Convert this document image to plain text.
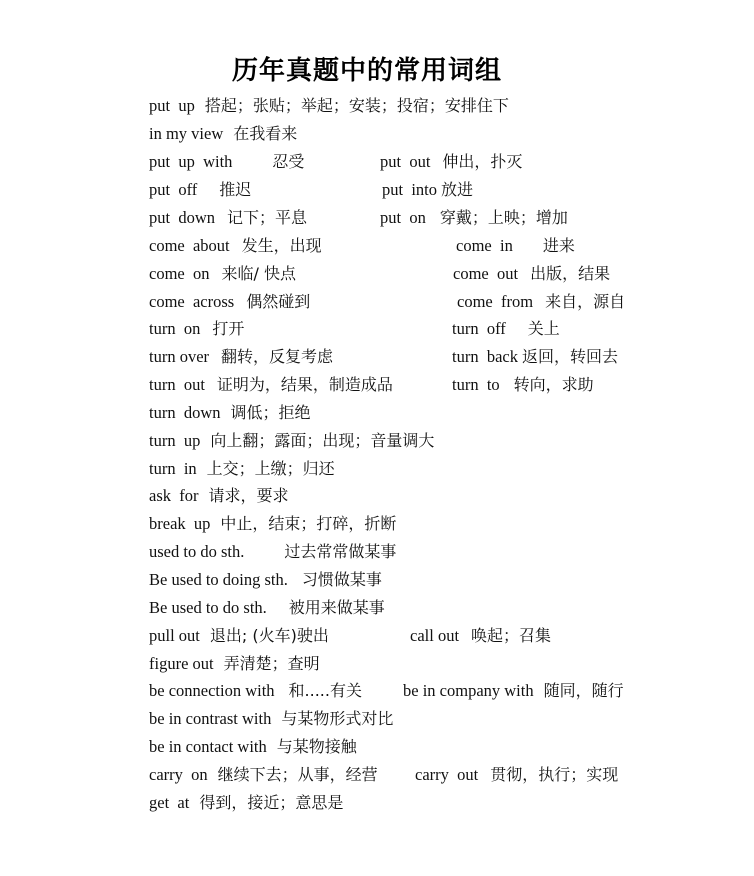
历年真题中的常用词组
put  up 搭起；张贴；举起；安装；投宿；安排住下
in my view 在我看来
put  up  with	忍受	put  out 伸出，扑灭
put  off 推迟	put  into 放进
put  down 记下；平息	put  on 穿戴；上映；增加
come  about 发生，出现	come  in 进来
come  on 来临/ 快点	come  out 出版，结果
come  across 偶然碰到	come  from 来自，源自
turn  on 打开	turn  off 关上
turn over 翻转，反复考虑	turn  back 返回，转回去
turn  out 证明为，结果，制造成品	turn  to 转向，求助
turn  down 调低；拒绝
turn  up 向上翻；露面；出现；音量调大
turn  in 上交；上缴；归还
ask  for 请求，要求
break  up 中止，结束；打碎，折断
used to do sth.	过去常常做某事
Be used to doing sth. 习惯做某事
Be used to do sth. 被用来做某事
pull out 退出; (火车)驶出	call out 唤起；召集
figure out 弄清楚；查明
be connection with 和.....有关 be in company with 随同，随行
be in contrast with 与某物形式对比
be in contact with 与某物接触
carry  on 继续下去；从事，经营 carry  out 贯彻，执行；实现
get  at 得到，接近；意思是
